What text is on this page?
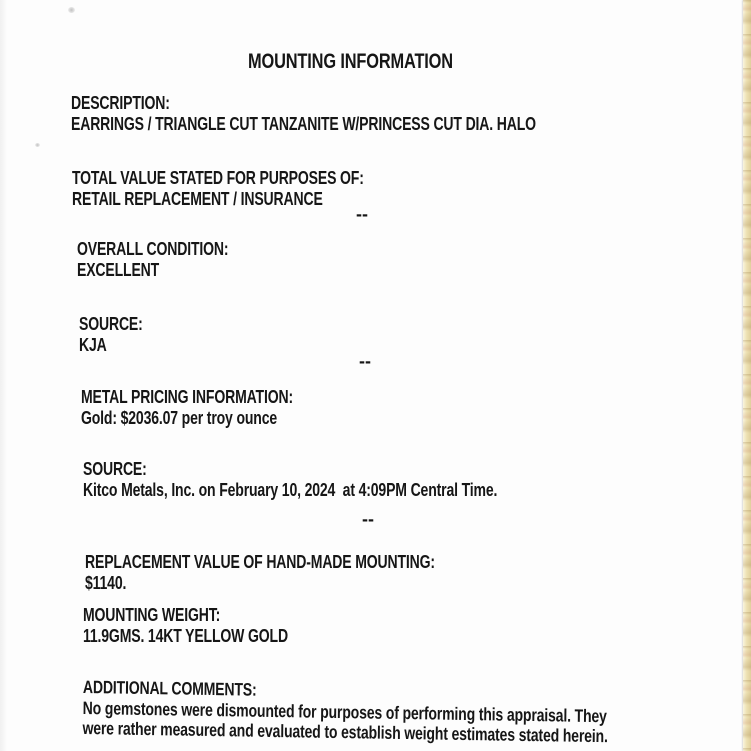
MOUNTING INFORMATION
DESCRIPTION:
EARRINGS / TRIANGLE CUT TANZANITE W/PRINCESS CUT DIA. HALO
TOTAL VALUE STATED FOR PURPOSES OF:
RETAIL REPLACEMENT / INSURANCE
--
OVERALL CONDITION:
EXCELLENT
SOURCE:
KJA
--
METAL PRICING INFORMATION:
Gold: $2036.07 per troy ounce
SOURCE:
Kitco Metals, Inc. on February 10, 2024  at 4:09PM Central Time.
--
REPLACEMENT VALUE OF HAND-MADE MOUNTING:
$1140.
MOUNTING WEIGHT:
11.9GMS. 14KT YELLOW GOLD
ADDITIONAL COMMENTS:
No gemstones were dismounted for purposes of performing this appraisal. They
were rather measured and evaluated to establish weight estimates stated herein.
